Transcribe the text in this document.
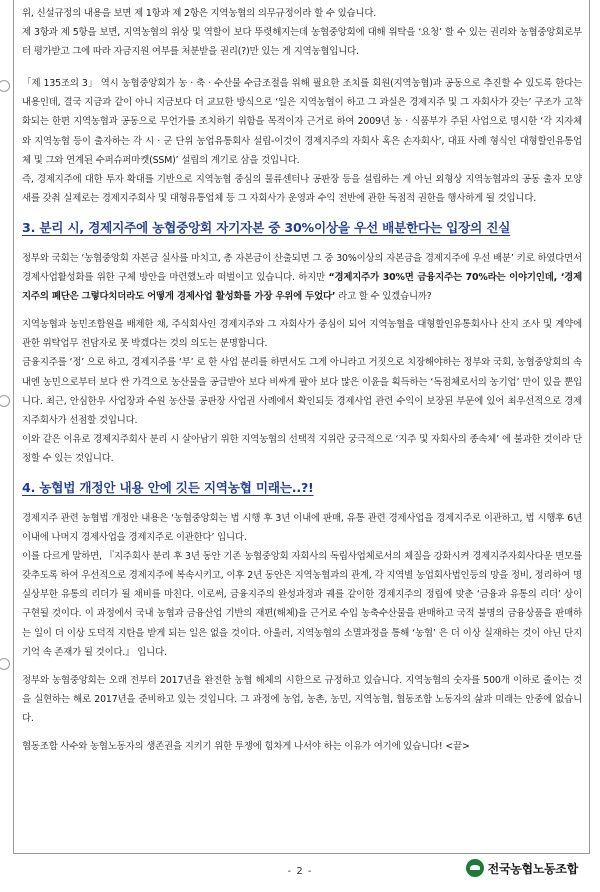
위, 신설규정의 내용을 보면 제 1항과 제 2항은 지역농협의 의무규정이라 할 수 있습니다.

제 3항과 제 5항을 보면, 지역농협의 위상 및 역할이 보다 뚜렷해지는데 농협중앙회에 대해 위탁을 ‘요청’ 할 수 있는 권리와 농협중앙회로부터 평가받고 그에 따라 자금지원 여부를 처분받을 권리(?)만 있는 게 지역농협입니다.

「제 135조의 3」 역시 농협중앙회가 농 · 축 · 수산물 수급조절을 위해 필요한 조치를 회원(지역농협)과 공동으로 추진할 수 있도록 한다는 내용인데, 결국 지금과 같이 아니 지금보다 더 교묘한 방식으로 ‘일은 지역농협이 하고 그 과실은 경제지주 및 그 자회사가 갖는’ 구조가 고착화되는 한편 지역농협과 공동으로 무언가를 조치하기 위함을 목적이자 근거로 하여 2009년 농 · 식품부가 주된 사업으로 명시한 ‘각 지자체와 지역농협 등이 출자하는 각 시 · 군 단위 농업유통회사 설립-이것이 경제지주의 자회사 혹은 손자회사’, 대표 사례 형식인 대형할인유통업체 및 그와 연계된 수퍼슈퍼마켓(SSM)’ 설립의 계기로 삼을 것입니다.

즉, 경제지주에 대한 투자 확대를 기반으로 지역농협 중심의 물류센터나 공판장 등을 설립하는 게 아닌 외형상 지역농협과의 공동 출자 모양새를 갖춰 실제로는 경제지주회사 및 대형유통업체 등 그 자회사가 운영과 수익 전반에 관한 독점적 권한을 행사하게 될 것입니다.

3. 분리 시, 경제지주에 농협중앙회 자기자본 중 30%이상을 우선 배분한다는 입장의 진실

정부와 국회는 ‘농협중앙회 자본금 실사를 마치고, 총 자본금이 산출되면 그 중 30%이상의 자본금을 경제지주에 우선 배분’ 키로 하였다면서 경제사업활성화를 위한 구체 방안을 마련했노라 떠벌이고 있습니다. 하지만 “경제지주가 30%면 금융지주는 70%라는 이야기인데, ‘경제지주의 폐단은 그렇다치더라도 어떻게 경제사업 활성화를 가장 우위에 두었다’ 라고 할 수 있겠습니까?

지역농협과 농민조합원을 배제한 채, 주식회사인 경제지주와 그 자회사가 중심이 되어 지역농협을 대형할인유통회사나 산지 조사 및 계약에 관한 위탁업무 전담자로 못 박겠다는 것의 의도는 분명합니다.

금융지주를 ‘정’ 으로 하고, 경제지주를 ‘부’ 로 한 사업 분리를 하면서도 그게 아니라고 거짓으로 치장해야하는 정부와 국회, 농협중앙회의 속내엔 농민으로부터 보다 싼 가격으로 농산물을 공급받아 보다 비싸게 팔아 보다 많은 이윤을 획득하는 ‘독점체로서의 농기업’ 만이 있을 뿐입니다. 최근, 안심한우 사업장과 수원 농산물 공판장 사업권 사례에서 확인되듯 경제사업 관련 수익이 보장된 부문에 있어 최우선적으로 경제지주회사가 선점할 것입니다.

이와 같은 이유로 경제지주회사 분리 시 살아남기 위한 지역농협의 선택적 지위란 궁극적으로 ‘지주 및 자회사의 종속체’ 에 불과한 것이라 단정할 수 있는 것입니다.

4. 농협법 개정안 내용 안에 깃든 지역농협 미래는..?!

경제지주 관련 농협법 개정안 내용은 ‘농협중앙회는 법 시행 후 3년 이내에 판매, 유통 관련 경제사업을 경제지주로 이관하고, 법 시행후 6년 이내에 나머지 경제사업을 경제지주로 이관한다’ 입니다.

이를 다르게 말하면, 『지주회사 분리 후 3년 동안 기존 농협중앙회 자회사의 독립사업체로서의 체질을 강화시켜 경제지주자회사다운 면모를 갖추도록 하여 우선적으로 경제지주에 복속시키고, 이후 2년 동안은 지역농협과의 관계, 각 지역별 농업회사법인등의 망을 정비, 정리하여 명실상부한 유통의 리더가 될 채비를 마친다. 이로써, 금융지주의 완성과정과 궤를 같이한 경제지주의 정립에 맞춘 ‘금융과 유통의 리더’ 상이 구현될 것이다. 이 과정에서 국내 농협과 금융산업 기반의 재편(해체)을 근거로 수입 농축수산물을 판매하고 국적 불명의 금융상품을 판매하는 일이 더 이상 도덕적 지탄을 받게 되는 일은 없을 것이다. 아울러, 지역농협의 소멸과정을 통해 ‘농협’ 은 더 이상 실재하는 것이 아닌 단지 기억 속 존재가 될 것이다.』 입니다.

정부와 농협중앙회는 오래 전부터 2017년을 완전한 농협 해체의 시한으로 규정하고 있습니다. 지역농협의 숫자를 500개 이하로 줄이는 것을 실현하는 해로 2017년을 준비하고 있는 것입니다. 그 과정에 농업, 농촌, 농민, 지역농협, 협동조합 노동자의 삶과 미래는 안중에 없습니다.

협동조합 사수와 농협노동자의 생존권을 지키기 위한 투쟁에 힘차게 나서야 하는 이유가 여기에 있습니다! <끝>

- 2 -	전국농협노동조합
